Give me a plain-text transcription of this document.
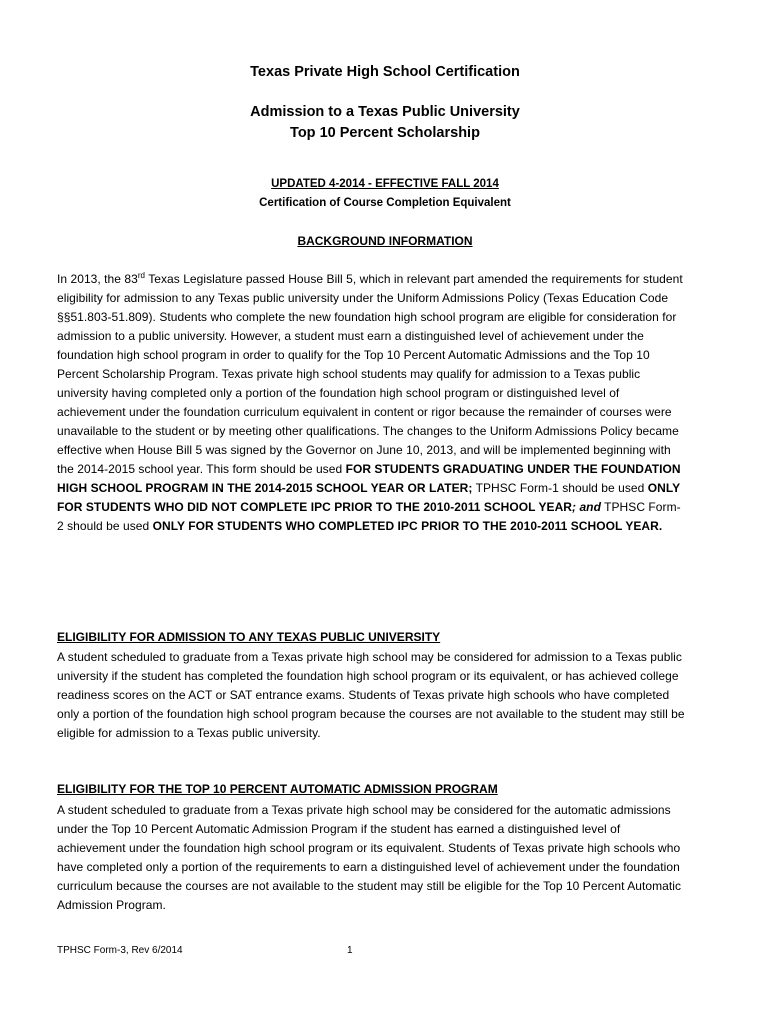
Texas Private High School Certification
Admission to a Texas Public University
Top 10 Percent Scholarship
UPDATED 4-2014 - EFFECTIVE FALL 2014
Certification of Course Completion Equivalent
BACKGROUND INFORMATION
In 2013, the 83rd Texas Legislature passed House Bill 5, which in relevant part amended the requirements for student eligibility for admission to any Texas public university under the Uniform Admissions Policy (Texas Education Code §§51.803-51.809). Students who complete the new foundation high school program are eligible for consideration for admission to a public university. However, a student must earn a distinguished level of achievement under the foundation high school program in order to qualify for the Top 10 Percent Automatic Admissions and the Top 10 Percent Scholarship Program. Texas private high school students may qualify for admission to a Texas public university having completed only a portion of the foundation high school program or distinguished level of achievement under the foundation curriculum equivalent in content or rigor because the remainder of courses were unavailable to the student or by meeting other qualifications. The changes to the Uniform Admissions Policy became effective when House Bill 5 was signed by the Governor on June 10, 2013, and will be implemented beginning with the 2014-2015 school year. This form should be used FOR STUDENTS GRADUATING UNDER THE FOUNDATION HIGH SCHOOL PROGRAM IN THE 2014-2015 SCHOOL YEAR OR LATER; TPHSC Form-1 should be used ONLY FOR STUDENTS WHO DID NOT COMPLETE IPC PRIOR TO THE 2010-2011 SCHOOL YEAR; and TPHSC Form-2 should be used ONLY FOR STUDENTS WHO COMPLETED IPC PRIOR TO THE 2010-2011 SCHOOL YEAR.
ELIGIBILITY FOR ADMISSION TO ANY TEXAS PUBLIC UNIVERSITY
A student scheduled to graduate from a Texas private high school may be considered for admission to a Texas public university if the student has completed the foundation high school program or its equivalent, or has achieved college readiness scores on the ACT or SAT entrance exams. Students of Texas private high schools who have completed only a portion of the foundation high school program because the courses are not available to the student may still be eligible for admission to a Texas public university.
ELIGIBILITY FOR THE TOP 10 PERCENT AUTOMATIC ADMISSION PROGRAM
A student scheduled to graduate from a Texas private high school may be considered for the automatic admissions under the Top 10 Percent Automatic Admission Program if the student has earned a distinguished level of achievement under the foundation high school program or its equivalent. Students of Texas private high schools who have completed only a portion of the requirements to earn a distinguished level of achievement under the foundation curriculum because the courses are not available to the student may still be eligible for the Top 10 Percent Automatic Admission Program.
TPHSC Form-3, Rev 6/2014	1
